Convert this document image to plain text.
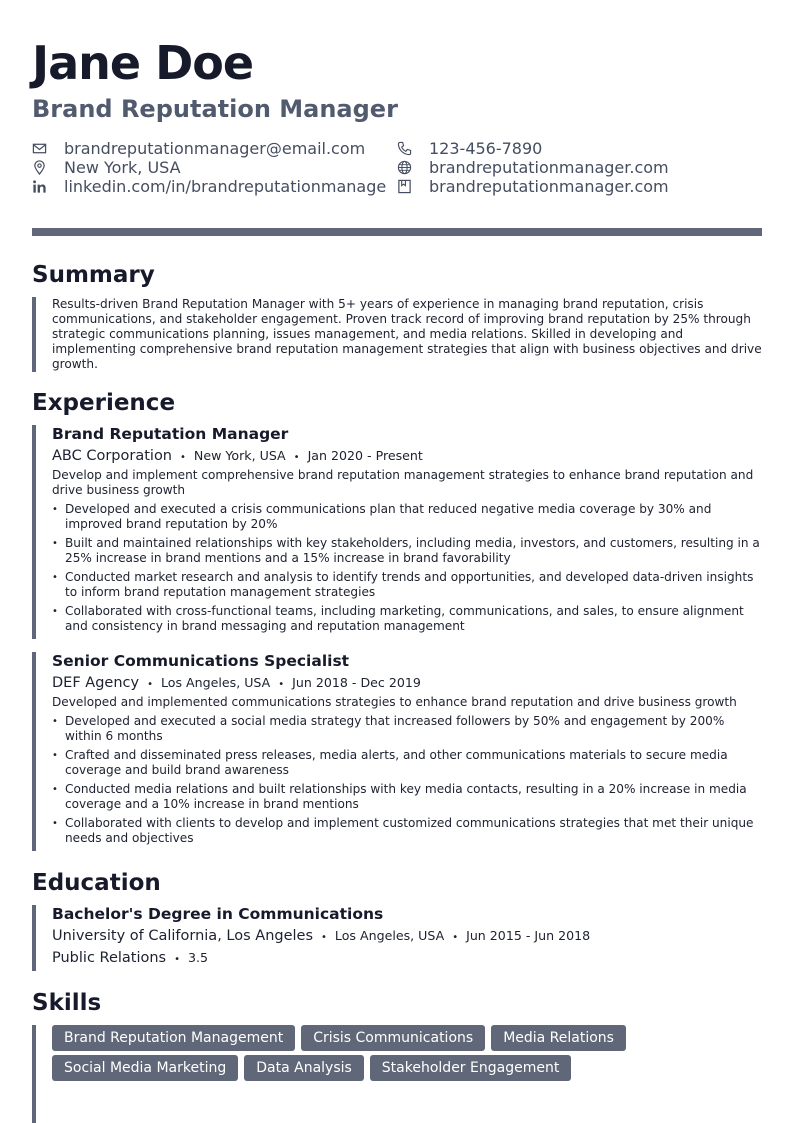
Jane Doe
Brand Reputation Manager
brandreputationmanager@email.com	123-456-7890
New York, USA	brandreputationmanager.com
linkedin.com/in/brandreputationmanage	brandreputationmanager.com
Summary
Results-driven Brand Reputation Manager with 5+ years of experience in managing brand reputation, crisis communications, and stakeholder engagement. Proven track record of improving brand reputation by 25% through strategic communications planning, issues management, and media relations. Skilled in developing and implementing comprehensive brand reputation management strategies that align with business objectives and drive growth.
Experience
Brand Reputation Manager
ABC Corporation • New York, USA • Jan 2020 - Present
Develop and implement comprehensive brand reputation management strategies to enhance brand reputation and drive business growth
• Developed and executed a crisis communications plan that reduced negative media coverage by 30% and improved brand reputation by 20%
• Built and maintained relationships with key stakeholders, including media, investors, and customers, resulting in a 25% increase in brand mentions and a 15% increase in brand favorability
• Conducted market research and analysis to identify trends and opportunities, and developed data-driven insights to inform brand reputation management strategies
• Collaborated with cross-functional teams, including marketing, communications, and sales, to ensure alignment and consistency in brand messaging and reputation management
Senior Communications Specialist
DEF Agency • Los Angeles, USA • Jun 2018 - Dec 2019
Developed and implemented communications strategies to enhance brand reputation and drive business growth
• Developed and executed a social media strategy that increased followers by 50% and engagement by 200% within 6 months
• Crafted and disseminated press releases, media alerts, and other communications materials to secure media coverage and build brand awareness
• Conducted media relations and built relationships with key media contacts, resulting in a 20% increase in media coverage and a 10% increase in brand mentions
• Collaborated with clients to develop and implement customized communications strategies that met their unique needs and objectives
Education
Bachelor's Degree in Communications
University of California, Los Angeles • Los Angeles, USA • Jun 2015 - Jun 2018
Public Relations • 3.5
Skills
Brand Reputation Management Crisis Communications Media Relations
Social Media Marketing Data Analysis Stakeholder Engagement
